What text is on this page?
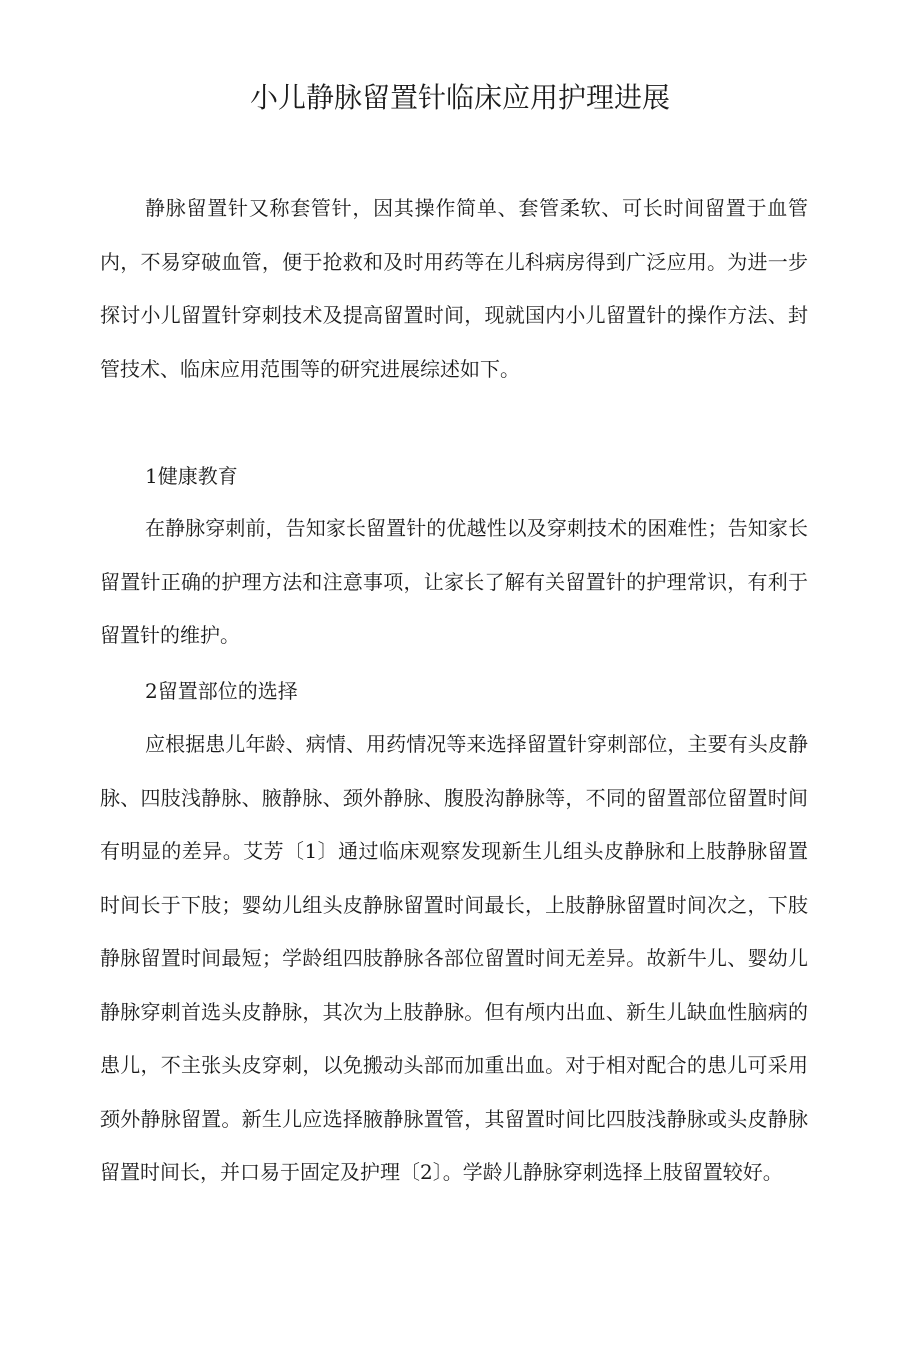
小儿静脉留置针临床应用护理进展

静脉留置针又称套管针，因其操作简单、套管柔软、可长时间留置于血管内，不易穿破血管，便于抢救和及时用药等在儿科病房得到广泛应用。为进一步探讨小儿留置针穿刺技术及提高留置时间，现就国内小儿留置针的操作方法、封管技术、临床应用范围等的研究进展综述如下。

1健康教育

在静脉穿刺前，告知家长留置针的优越性以及穿刺技术的困难性；告知家长留置针正确的护理方法和注意事项，让家长了解有关留置针的护理常识，有利于留置针的维护。

2留置部位的选择

应根据患儿年龄、病情、用药情况等来选择留置针穿刺部位，主要有头皮静脉、四肢浅静脉、腋静脉、颈外静脉、腹股沟静脉等，不同的留置部位留置时间有明显的差异。艾芳〔1〕通过临床观察发现新生儿组头皮静脉和上肢静脉留置时间长于下肢；婴幼儿组头皮静脉留置时间最长，上肢静脉留置时间次之，下肢静脉留置时间最短；学龄组四肢静脉各部位留置时间无差异。故新牛儿、婴幼儿静脉穿刺首选头皮静脉，其次为上肢静脉。但有颅内出血、新生儿缺血性脑病的患儿，不主张头皮穿刺，以免搬动头部而加重出血。对于相对配合的患儿可采用颈外静脉留置。新生儿应选择腋静脉置管，其留置时间比四肢浅静脉或头皮静脉留置时间长，并口易于固定及护理〔2〕。学龄儿静脉穿刺选择上肢留置较好。
